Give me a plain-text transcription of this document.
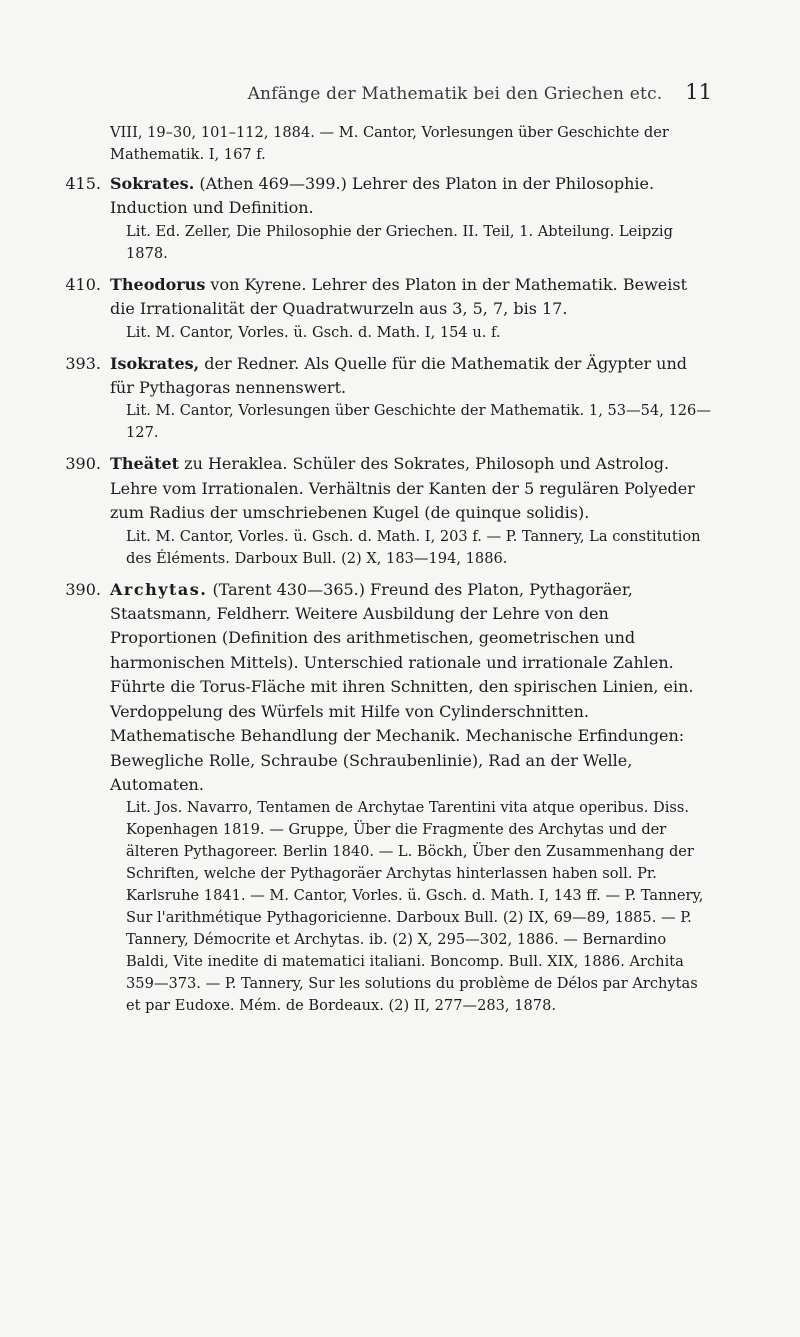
Anfänge der Mathematik bei den Griechen etc.	11
VIII, 19–30, 101–112, 1884. — M. Cantor, Vorlesungen über Geschichte der Mathematik. I, 167 f.
415. Sokrates. (Athen 469—399.) Lehrer des Platon in der Philosophie. Induction und Definition.
Lit. Ed. Zeller, Die Philosophie der Griechen. II. Teil, 1. Abteilung. Leipzig 1878.
410. Theodorus von Kyrene. Lehrer des Platon in der Mathematik. Beweist die Irrationalität der Quadratwurzeln aus 3, 5, 7, bis 17.
Lit. M. Cantor, Vorles. ü. Gsch. d. Math. I, 154 u. f.
393. Isokrates, der Redner. Als Quelle für die Mathematik der Ägypter und für Pythagoras nennenswert.
Lit. M. Cantor, Vorlesungen über Geschichte der Mathematik. 1, 53—54, 126—127.
390. Theätet zu Heraklea. Schüler des Sokrates, Philosoph und Astrolog. Lehre vom Irrationalen. Verhältnis der Kanten der 5 regulären Polyeder zum Radius der umschriebenen Kugel (de quinque solidis).
Lit. M. Cantor, Vorles. ü. Gsch. d. Math. I, 203 f. — P. Tannery, La constitution des Éléments. Darboux Bull. (2) X, 183—194, 1886.
390. Archytas. (Tarent 430—365.) Freund des Platon, Pythagoräer, Staatsmann, Feldherr. Weitere Ausbildung der Lehre von den Proportionen (Definition des arithmetischen, geometrischen und harmonischen Mittels). Unterschied rationale und irrationale Zahlen. Führte die Torus-Fläche mit ihren Schnitten, den spirischen Linien, ein. Verdoppelung des Würfels mit Hilfe von Cylinderschnitten. Mathematische Behandlung der Mechanik. Mechanische Erfindungen: Bewegliche Rolle, Schraube (Schraubenlinie), Rad an der Welle, Automaten.
Lit. Jos. Navarro, Tentamen de Archytae Tarentini vita atque operibus. Diss. Kopenhagen 1819. — Gruppe, Über die Fragmente des Archytas und der älteren Pythagoreer. Berlin 1840. — L. Böckh, Über den Zusammenhang der Schriften, welche der Pythagoräer Archytas hinterlassen haben soll. Pr. Karlsruhe 1841. — M. Cantor, Vorles. ü. Gsch. d. Math. I, 143 ff. — P. Tannery, Sur l'arithmétique Pythagoricienne. Darboux Bull. (2) IX, 69—89, 1885. — P. Tannery, Démocrite et Archytas. ib. (2) X, 295—302, 1886. — Bernardino Baldi, Vite inedite di matematici italiani. Boncomp. Bull. XIX, 1886. Archita 359—373. — P. Tannery, Sur les solutions du problème de Délos par Archytas et par Eudoxe. Mém. de Bordeaux. (2) II, 277—283, 1878.
